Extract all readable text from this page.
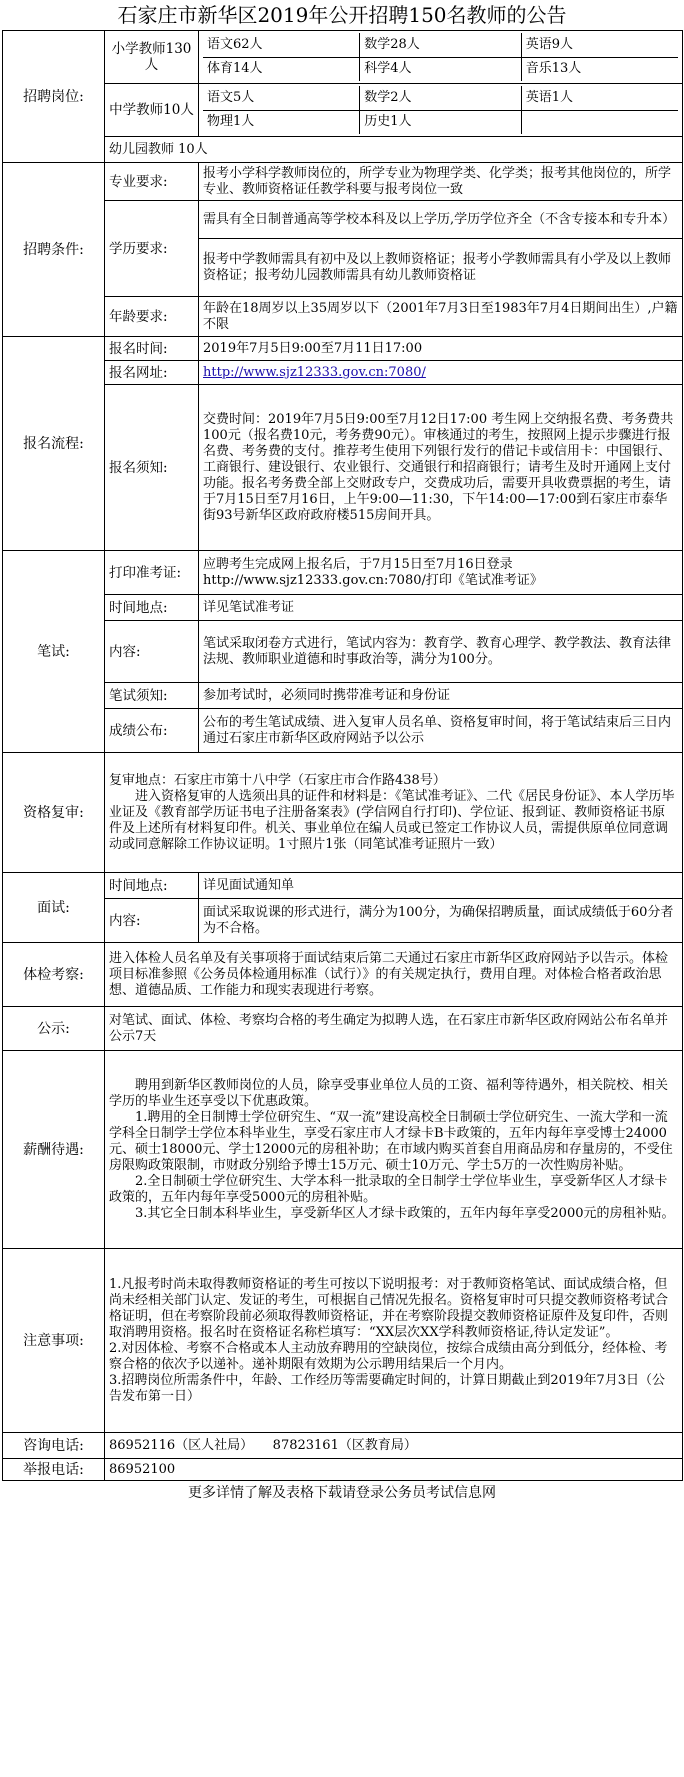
石家庄市新华区2019年公开招聘150名教师的公告
招聘岗位:	小学教师130人	
语文62人	数学28人	英语9人
体育14人	科学4人	音乐13人

中学教师10人	
语文5人	数学2人	英语1人
物理1人	历史1人	

幼儿园教师 10人
招聘条件:	专业要求:	报考小学科学教师岗位的，所学专业为物理学类、化学类；报考其他岗位的，所学专业、教师资格证任教学科要与报考岗位一致
学历要求:	需具有全日制普通高等学校本科及以上学历,学历学位齐全（不含专接本和专升本）
报考中学教师需具有初中及以上教师资格证；报考小学教师需具有小学及以上教师资格证；报考幼儿园教师需具有幼儿教师资格证
年龄要求:	年龄在18周岁以上35周岁以下（2001年7月3日至1983年7月4日期间出生）,户籍不限
报名流程:	报名时间:	2019年7月5日9:00至7月11日17:00
报名网址:	http://www.sjz12333.gov.cn:7080/
报名须知:	交费时间：2019年7月5日9:00至7月12日17:00 考生网上交纳报名费、考务费共100元（报名费10元，考务费90元）。审核通过的考生，按照网上提示步骤进行报名费、考务费的支付。推荐考生使用下列银行发行的借记卡或信用卡：中国银行、工商银行、建设银行、农业银行、交通银行和招商银行；请考生及时开通网上支付功能。报名考务费全部上交财政专户，交费成功后，需要开具收费票据的考生，请于7月15日至7月16日，上午9:00—11:30，下午14:00—17:00到石家庄市泰华街93号新华区政府政府楼515房间开具。
笔试:	打印准考证:	应聘考生完成网上报名后，于7月15日至7月16日登录http://www.sjz12333.gov.cn:7080/打印《笔试准考证》
时间地点:	详见笔试准考证
内容:	笔试采取闭卷方式进行，笔试内容为：教育学、教育心理学、教学教法、教育法律法规、教师职业道德和时事政治等，满分为100分。
笔试须知:	参加考试时，必须同时携带准考证和身份证
成绩公布:	公布的考生笔试成绩、进入复审人员名单、资格复审时间，将于笔试结束后三日内通过石家庄市新华区政府网站予以公示
资格复审:	
复审地点：石家庄市第十八中学（石家庄市合作路438号）
进入资格复审的人选须出具的证件和材料是：《笔试准考证》、二代《居民身份证》、本人学历毕业证及《教育部学历证书电子注册备案表》(学信网自行打印)、学位证、报到证、教师资格证书原件及上述所有材料复印件。机关、事业单位在编人员或已签定工作协议人员，需提供原单位同意调动或同意解除工作协议证明。1寸照片1张（同笔试准考证照片一致）

面试:	时间地点:	详见面试通知单
内容:	面试采取说课的形式进行，满分为100分，为确保招聘质量，面试成绩低于60分者为不合格。
体检考察:	进入体检人员名单及有关事项将于面试结束后第二天通过石家庄市新华区政府网站予以告示。体检项目标准参照《公务员体检通用标准（试行）》的有关规定执行，费用自理。对体检合格者政治思想、道德品质、工作能力和现实表现进行考察。
公示:	对笔试、面试、体检、考察均合格的考生确定为拟聘人选，在石家庄市新华区政府网站公布名单并公示7天
薪酬待遇:	
聘用到新华区教师岗位的人员，除享受事业单位人员的工资、福利等待遇外，相关院校、相关学历的毕业生还享受以下优惠政策。
1.聘用的全日制博士学位研究生、“双一流”建设高校全日制硕士学位研究生、一流大学和一流学科全日制学士学位本科毕业生，享受石家庄市人才绿卡B卡政策的，五年内每年享受博士24000元、硕士18000元、学士12000元的房租补助；在市域内购买首套自用商品房和存量房的，不受住房限购政策限制，市财政分别给予博士15万元、硕士10万元、学士5万的一次性购房补贴。
2.全日制硕士学位研究生、大学本科一批录取的全日制学士学位毕业生，享受新华区人才绿卡政策的，五年内每年享受5000元的房租补贴。
3.其它全日制本科毕业生，享受新华区人才绿卡政策的，五年内每年享受2000元的房租补贴。

注意事项:	
1.凡报考时尚未取得教师资格证的考生可按以下说明报考：对于教师资格笔试、面试成绩合格，但尚未经相关部门认定、发证的考生，可根据自己情况先报名。资格复审时可只提交教师资格考试合格证明，但在考察阶段前必须取得教师资格证，并在考察阶段提交教师资格证原件及复印件，否则取消聘用资格。报名时在资格证名称栏填写：“XX层次XX学科教师资格证,待认定发证”。
2.对因体检、考察不合格或本人主动放弃聘用的空缺岗位，按综合成绩由高分到低分，经体检、考察合格的依次予以递补。递补期限有效期为公示聘用结果后一个月内。
3.招聘岗位所需条件中，年龄、工作经历等需要确定时间的，计算日期截止到2019年7月3日（公告发布第一日）

咨询电话:	86952116（区人社局）　　87823161（区教育局）
举报电话:	86952100
更多详情了解及表格下载请登录公务员考试信息网
